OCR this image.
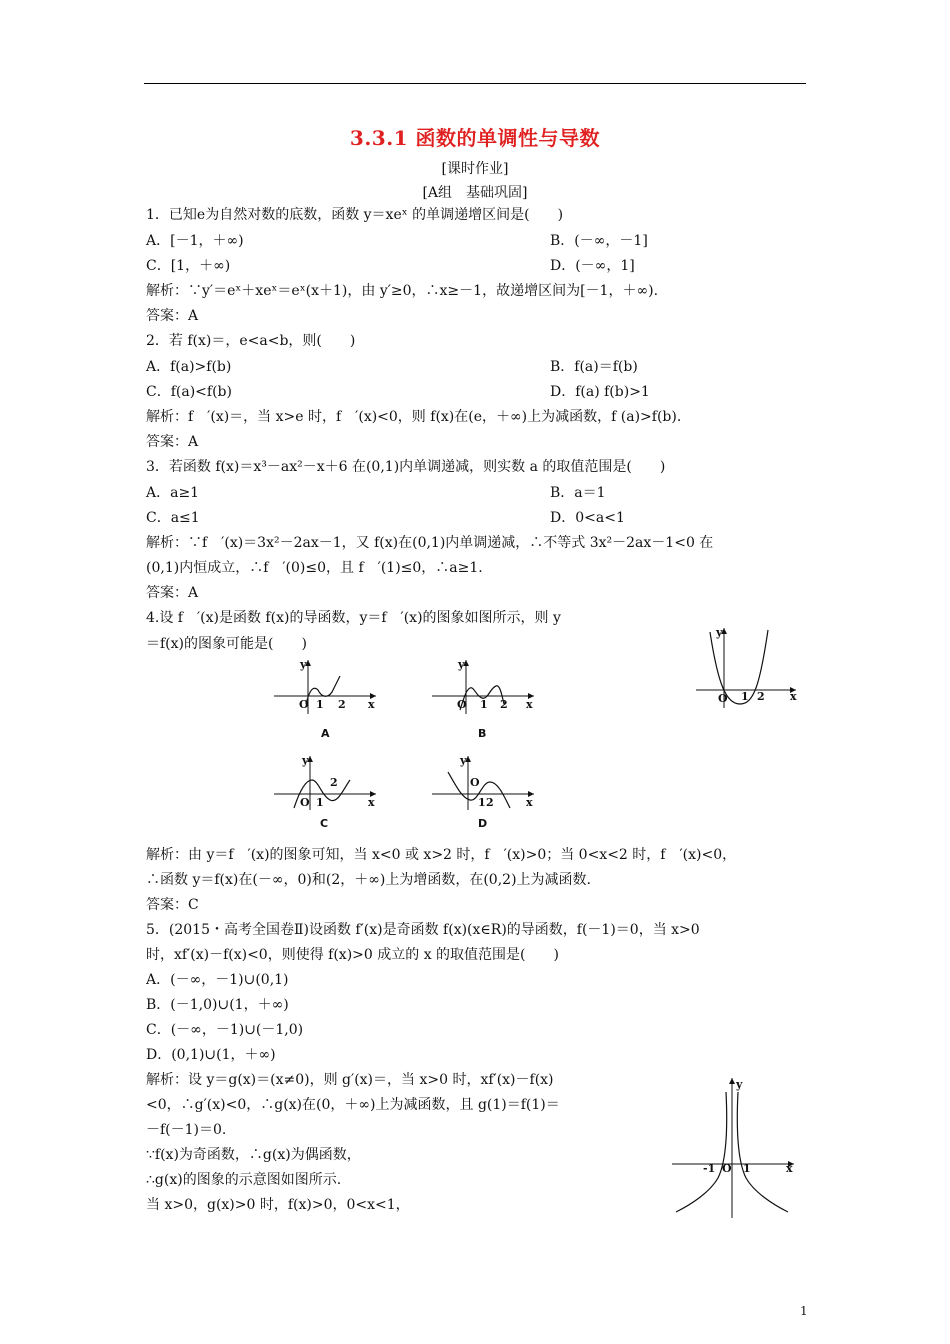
3.3.1 函数的单调性与导数
[课时作业]
[A组　基础巩固]
1．已知e为自然对数的底数，函数 y＝xeˣ 的单调递增区间是(　　)
A．[－1，＋∞)	B．(－∞，－1]
C．[1，＋∞)	D．(－∞，1]
解析：∵y′＝eˣ＋xeˣ＝eˣ(x＋1)，由 y′≥0，∴x≥－1，故递增区间为[－1，＋∞).
答案：A
2．若 f(x)＝，e<a<b，则(　　)
A．f(a)>f(b)	B．f(a)＝f(b)
C．f(a)<f(b)	D．f(a) f(b)>1
解析：f　′(x)＝，当 x>e 时，f　′(x)<0，则 f(x)在(e，＋∞)上为减函数，f (a)>f(b).
答案：A
3．若函数 f(x)＝x³－ax²－x＋6 在(0,1)内单调递减，则实数 a 的取值范围是(　　)
A．a≥1	B．a＝1
C．a≤1	D．0<a<1
解析：∵f　′(x)＝3x²－2ax－1，又 f(x)在(0,1)内单调递减，∴不等式 3x²－2ax－1<0 在
(0,1)内恒成立，∴f　′(0)≤0，且 f　′(1)≤0，∴a≥1.
答案：A
4.设 f　′(x)是函数 f(x)的导函数，y＝f　′(x)的图象如图所示，则 y
＝f(x)的图象可能是(　　)
y
x
O 1 2
y
x
O 1 2
A
y
x
O 1 2
B
y
x
O 1
2
C
y
x
O
1 2
D
解析：由 y＝f　′(x)的图象可知，当 x<0 或 x>2 时，f　′(x)>0；当 0<x<2 时，f　′(x)<0，
∴函数 y＝f(x)在(－∞，0)和(2，＋∞)上为增函数，在(0,2)上为减函数.
答案：C
5．(2015・高考全国卷Ⅱ)设函数 f′(x)是奇函数 f(x)(x∈R)的导函数，f(－1)＝0，当 x>0
时，xf′(x)－f(x)<0，则使得 f(x)>0 成立的 x 的取值范围是(　　)
A．(－∞，－1)∪(0,1)
B．(－1,0)∪(1，＋∞)
C．(－∞，－1)∪(－1,0)
D．(0,1)∪(1，＋∞)
解析：设 y＝g(x)＝(x≠0)，则 g′(x)＝，当 x>0 时，xf′(x)－f(x)
<0，∴g′(x)<0，∴g(x)在(0，＋∞)上为减函数，且 g(1)＝f(1)＝
－f(－1)＝0.
∵f(x)为奇函数，∴g(x)为偶函数，
∴g(x)的图象的示意图如图所示.
当 x>0，g(x)>0 时，f(x)>0，0<x<1，
y
x
-1 O 1
1
